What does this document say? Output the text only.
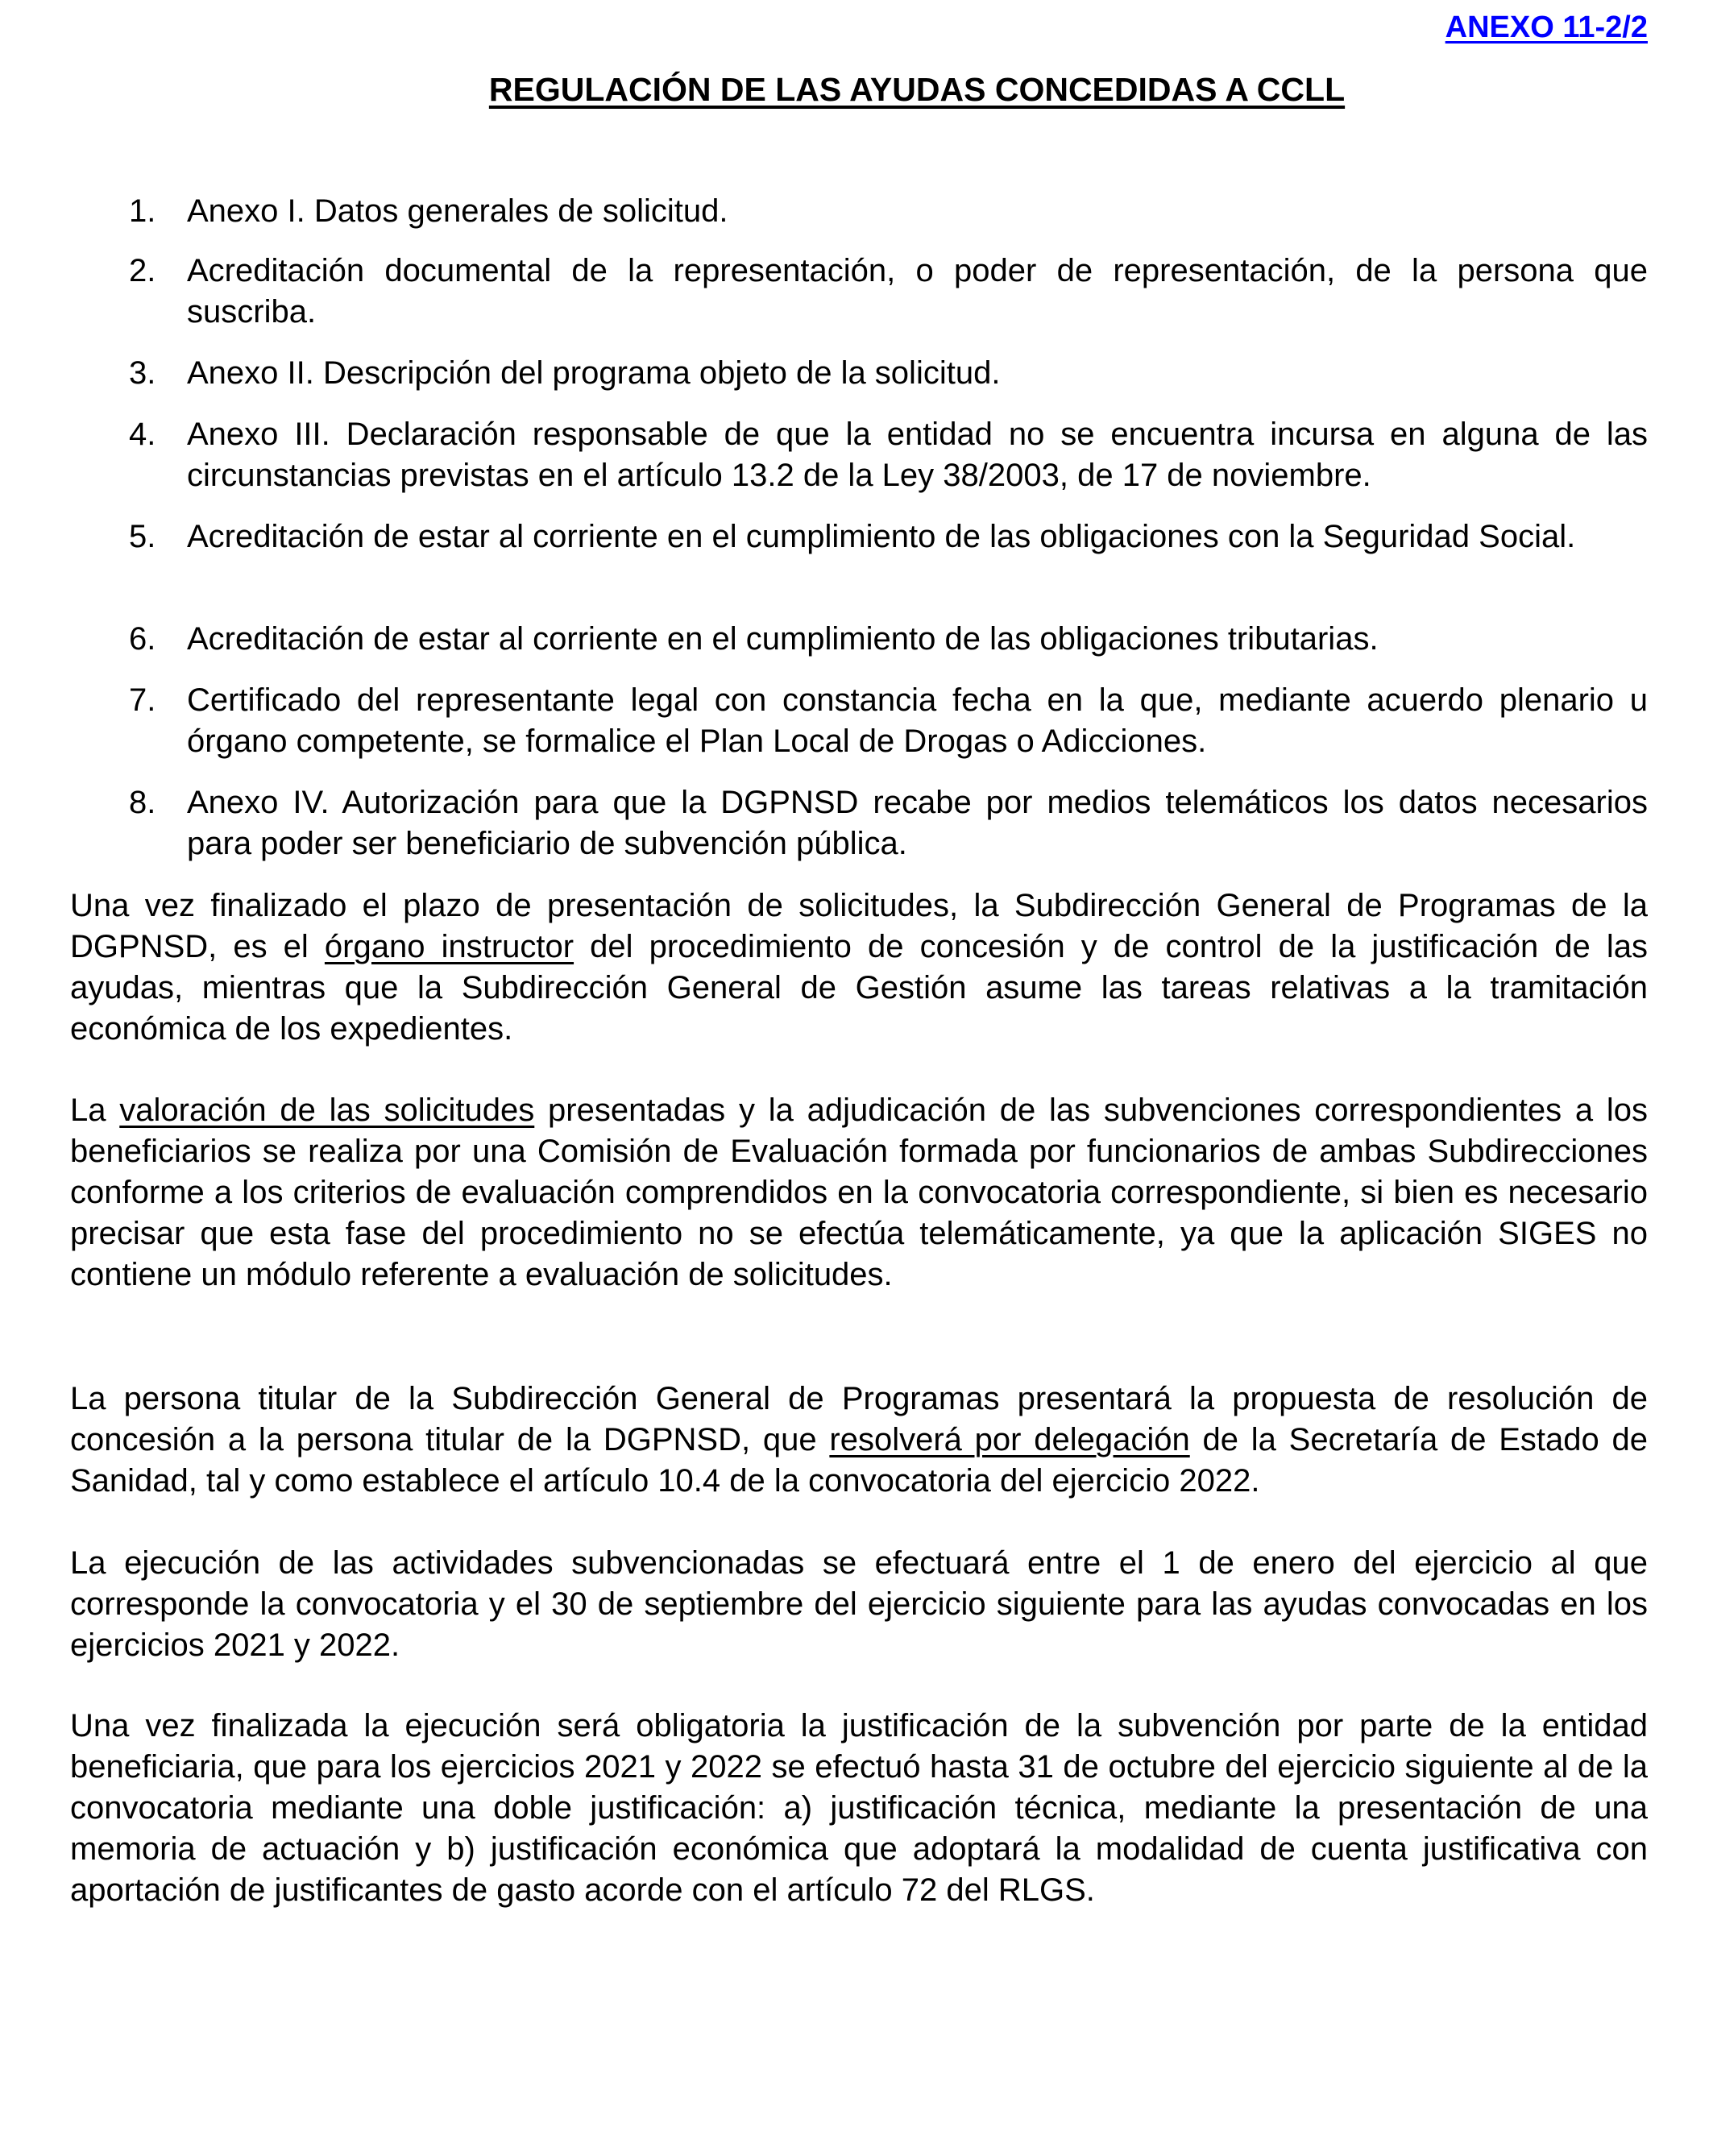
ANEXO 11-2/2
REGULACIÓN DE LAS AYUDAS CONCEDIDAS A CCLL
1. Anexo I. Datos generales de solicitud.
2. Acreditación documental de la representación, o poder de representación, de la persona que suscriba.
3. Anexo II. Descripción del programa objeto de la solicitud.
4. Anexo III. Declaración responsable de que la entidad no se encuentra incursa en alguna de las circunstancias previstas en el artículo 13.2 de la Ley 38/2003, de 17 de noviembre.
5. Acreditación de estar al corriente en el cumplimiento de las obligaciones con la Seguridad Social.
6. Acreditación de estar al corriente en el cumplimiento de las obligaciones tributarias.
7. Certificado del representante legal con constancia fecha en la que, mediante acuerdo plenario u órgano competente, se formalice el Plan Local de Drogas o Adicciones.
8. Anexo IV. Autorización para que la DGPNSD recabe por medios telemáticos los datos necesarios para poder ser beneficiario de subvención pública.

Una vez finalizado el plazo de presentación de solicitudes, la Subdirección General de Programas de la DGPNSD, es el órgano instructor del procedimiento de concesión y de control de la justificación de las ayudas, mientras que la Subdirección General de Gestión asume las tareas relativas a la tramitación económica de los expedientes.

La valoración de las solicitudes presentadas y la adjudicación de las subvenciones correspondientes a los beneficiarios se realiza por una Comisión de Evaluación formada por funcionarios de ambas Subdirecciones conforme a los criterios de evaluación comprendidos en la convocatoria correspondiente, si bien es necesario precisar que esta fase del procedimiento no se efectúa telemáticamente, ya que la aplicación SIGES no contiene un módulo referente a evaluación de solicitudes.

La persona titular de la Subdirección General de Programas presentará la propuesta de resolución de concesión a la persona titular de la DGPNSD, que resolverá por delegación de la Secretaría de Estado de Sanidad, tal y como establece el artículo 10.4 de la convocatoria del ejercicio 2022.

La ejecución de las actividades subvencionadas se efectuará entre el 1 de enero del ejercicio al que corresponde la convocatoria y el 30 de septiembre del ejercicio siguiente para las ayudas convocadas en los ejercicios 2021 y 2022.

Una vez finalizada la ejecución será obligatoria la justificación de la subvención por parte de la entidad beneficiaria, que para los ejercicios 2021 y 2022 se efectuó hasta 31 de octubre del ejercicio siguiente al de la convocatoria mediante una doble justificación: a) justificación técnica, mediante la presentación de una memoria de actuación y b) justificación económica que adoptará la modalidad de cuenta justificativa con aportación de justificantes de gasto acorde con el artículo 72 del RLGS.
